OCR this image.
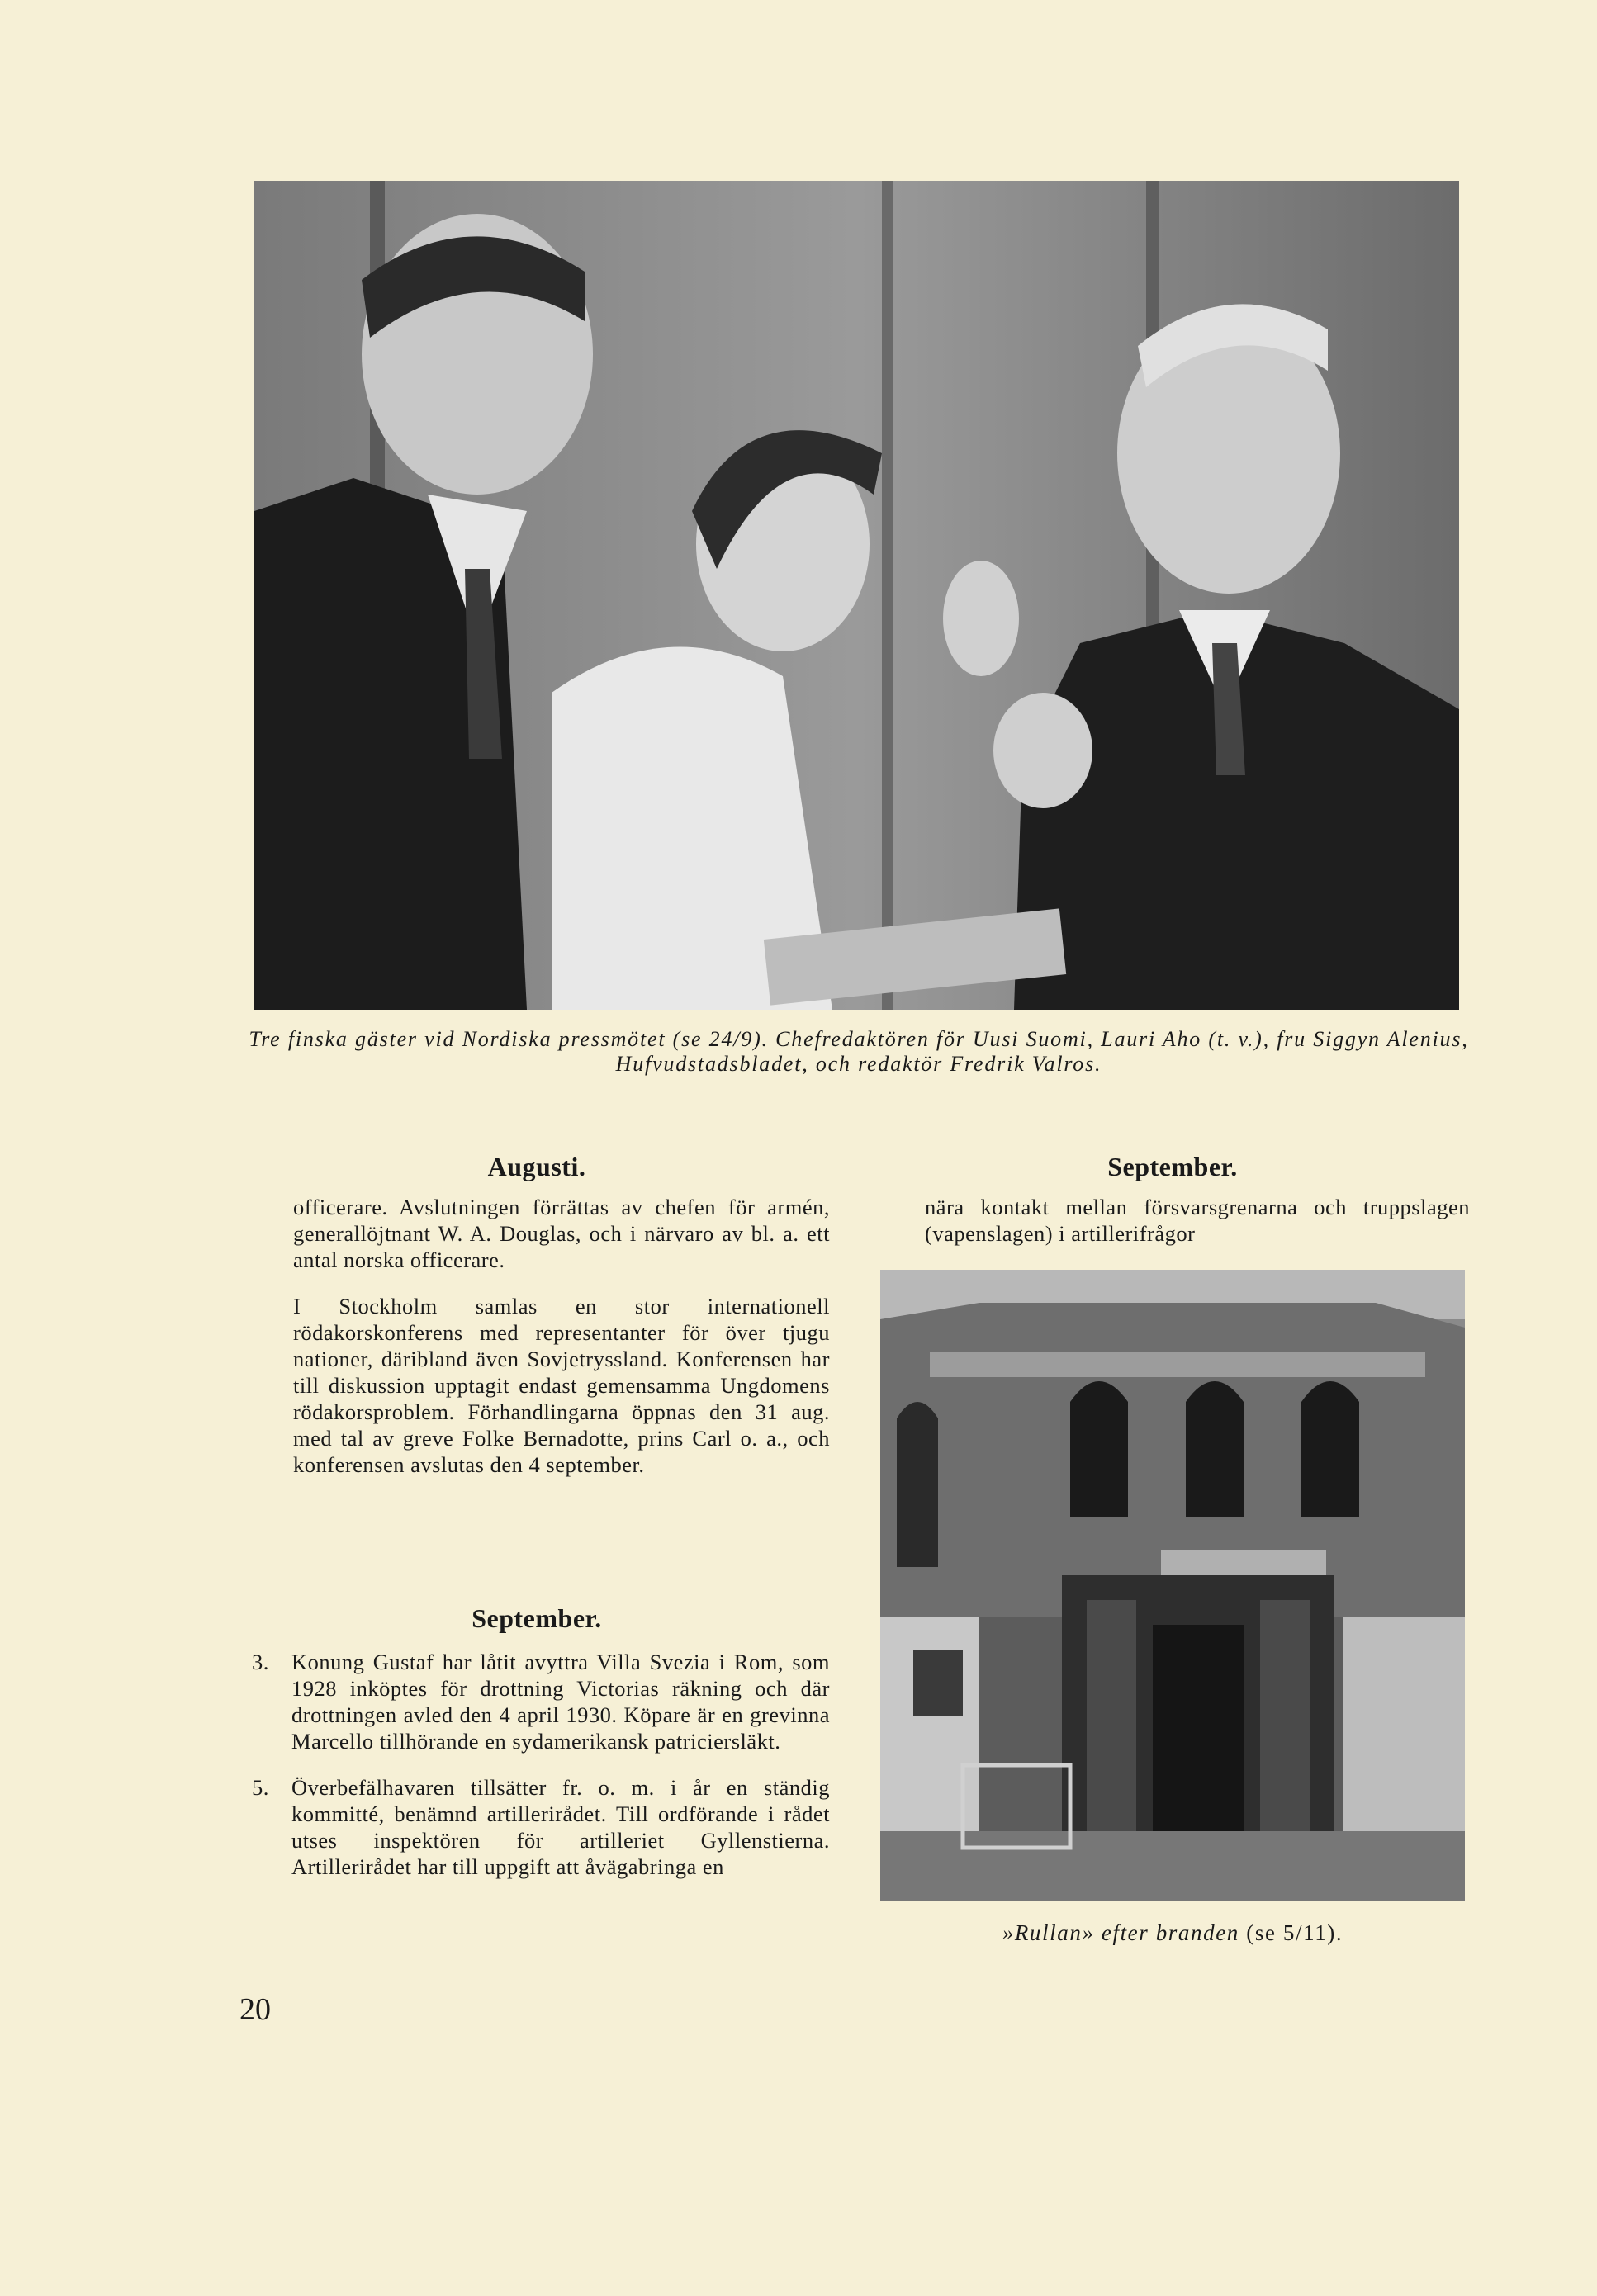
Tre finska gäster vid Nordiska pressmötet (se 24/9). Chefredaktören för Uusi Suomi, Lauri Aho (t. v.), fru Siggyn Alenius, Hufvudstadsbladet, och redaktör Fredrik Valros.
Augusti.

officerare. Avslutningen förrättas av chefen för armén, generallöjtnant W. A. Douglas, och i närvaro av bl. a. ett antal norska officerare.

I Stockholm samlas en stor internationell rödakorskonferens med representanter för över tjugu nationer, däribland även Sovjetryssland. Konferensen har till diskussion upptagit endast gemensamma Ungdomens rödakorsproblem. Förhandlingarna öppnas den 31 aug. med tal av greve Folke Bernadotte, prins Carl o. a., och konferensen avslutas den 4 september.

September.
3. Konung Gustaf har låtit avyttra Villa Svezia i Rom, som 1928 inköptes för drottning Victorias räkning och där drottningen avled den 4 april 1930. Köpare är en grevinna Marcello tillhörande en sydamerikansk patriciersläkt.
5. Överbefälhavaren tillsätter fr. o. m. i år en ständig kommitté, benämnd artillerirådet. Till ordförande i rådet utses inspektören för artilleriet Gyllenstierna. Artillerirådet har till uppgift att åvägabringa en
September.
nära kontakt mellan försvarsgrenarna och truppslagen (vapenslagen) i artillerifrågor
»Rullan» efter branden (se 5/11).
20
